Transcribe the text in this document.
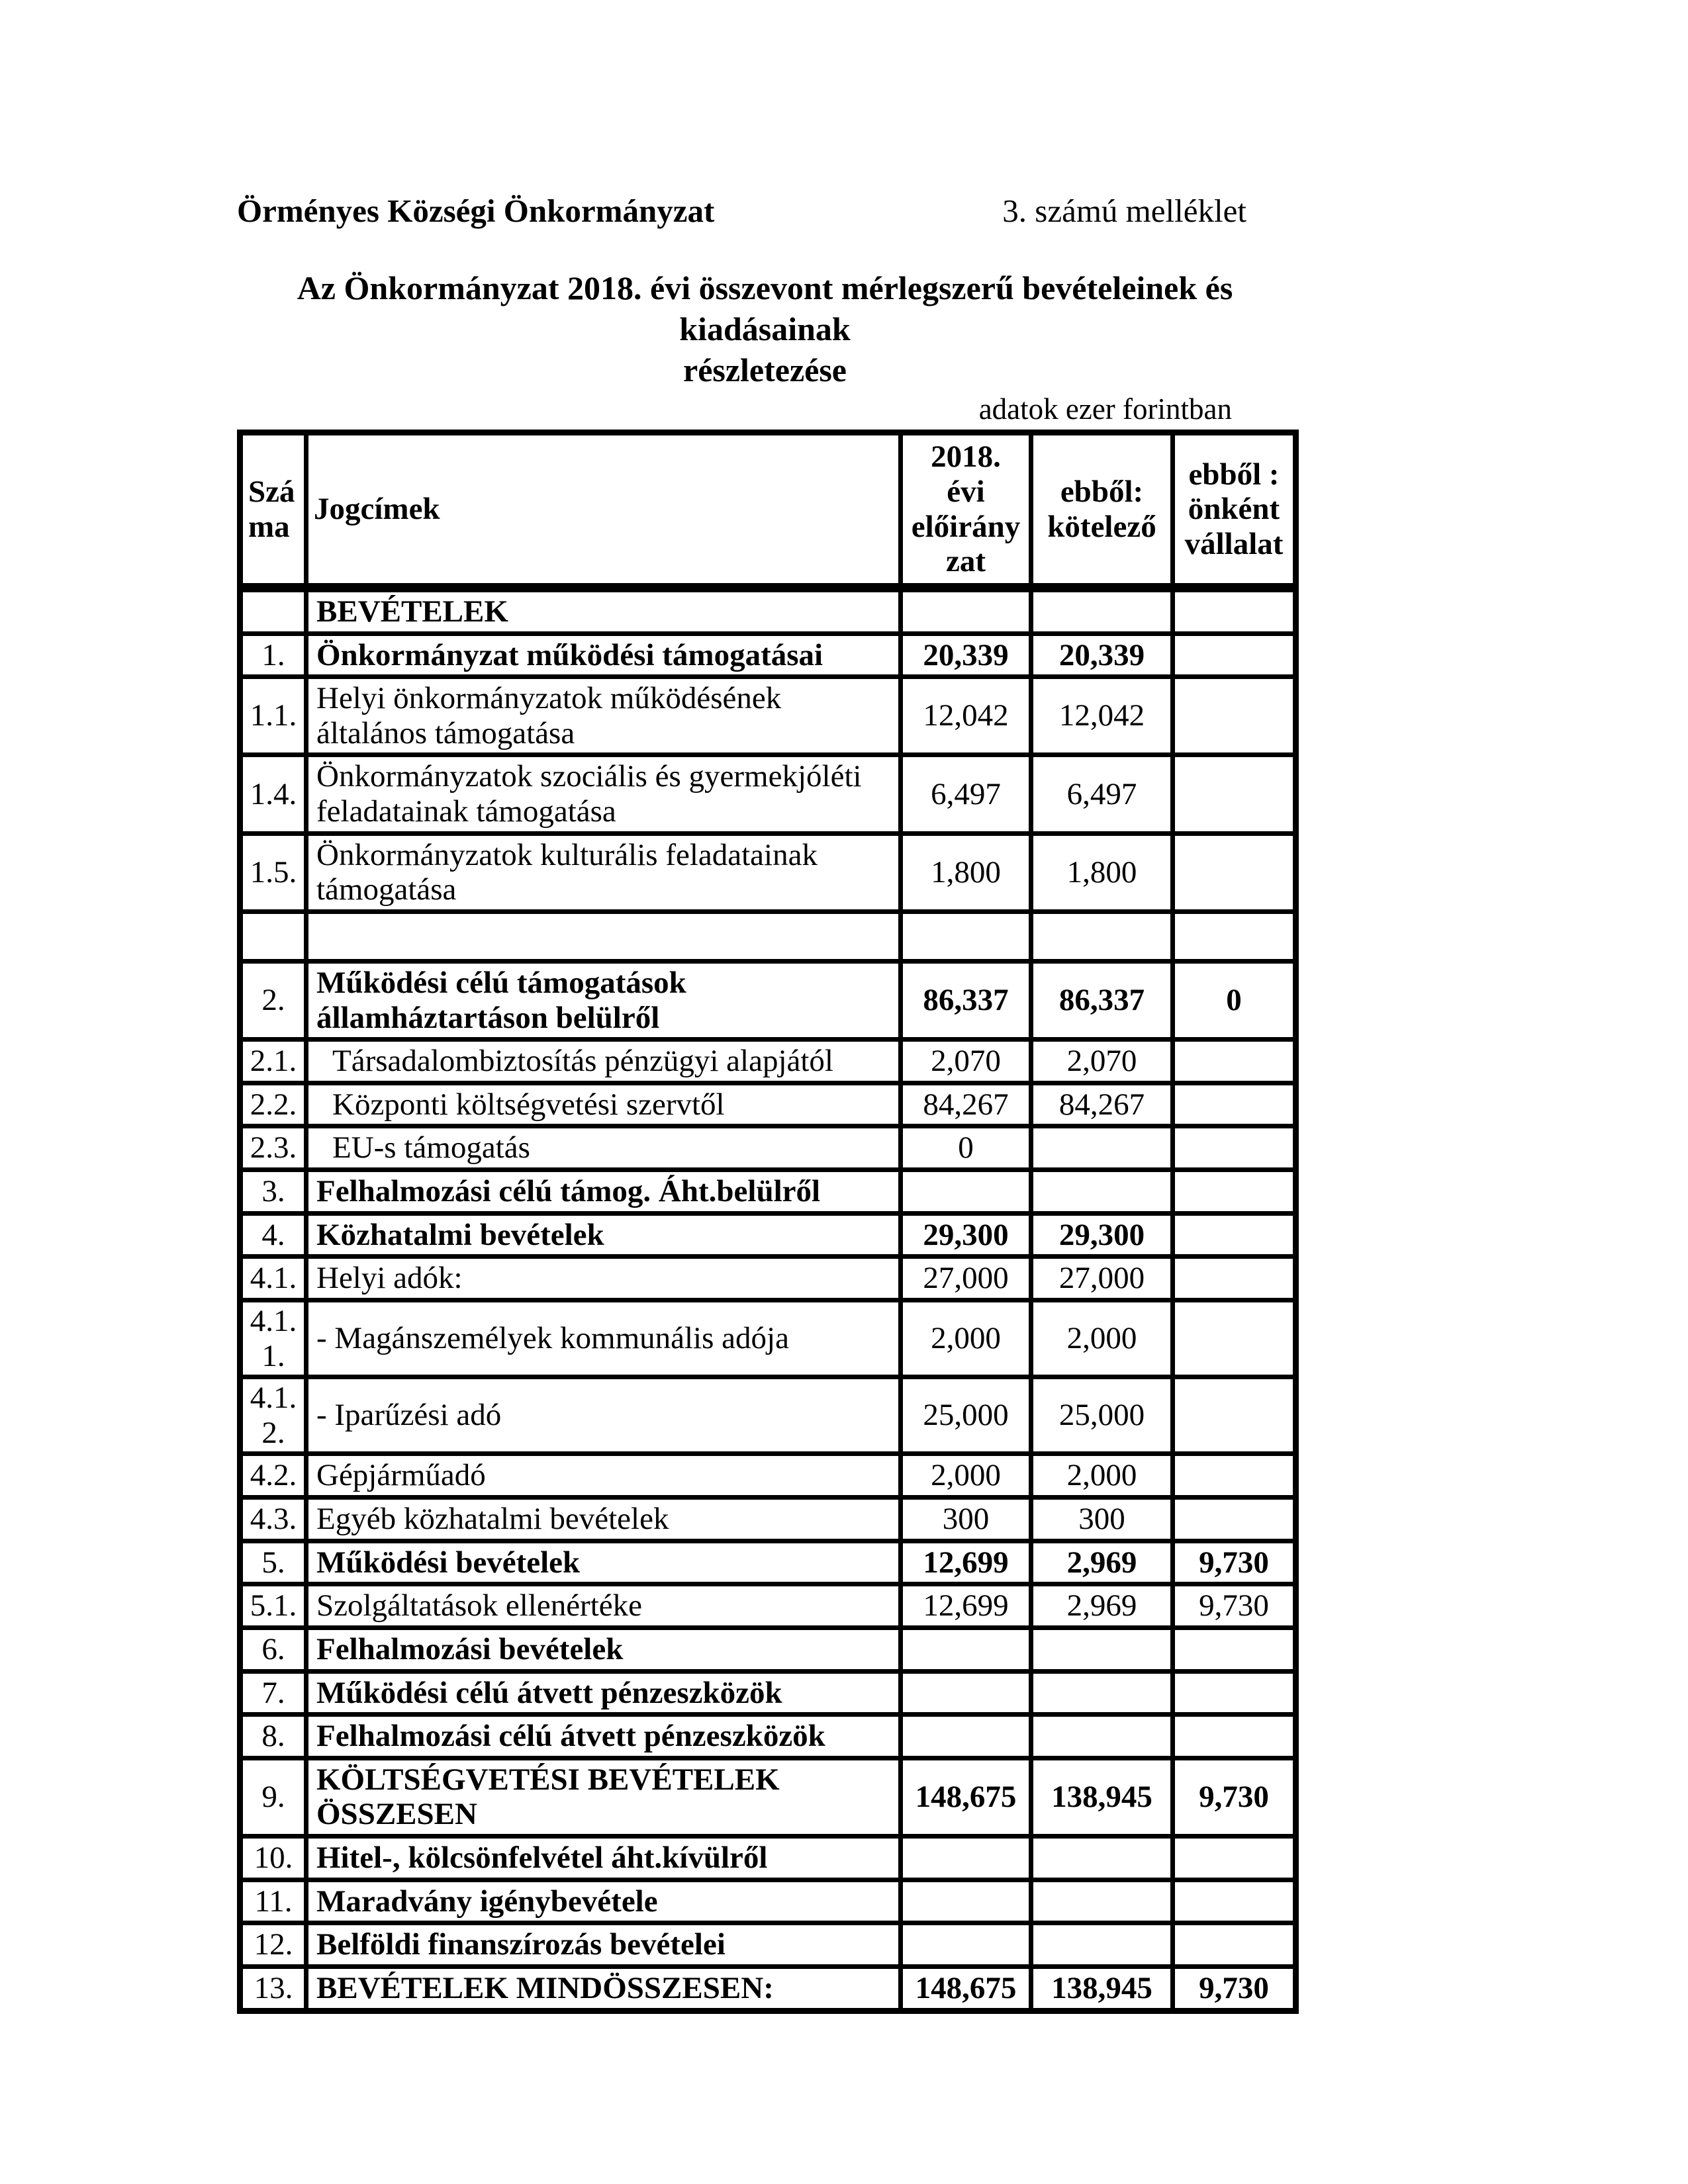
Örményes Községi Önkormányzat	3. számú melléklet
Az Önkormányzat 2018. évi összevont mérlegszerű bevételeinek és kiadásainak
részletezése
adatok ezer forintban
Száma	Jogcímek	2018. évi előirányzat	ebből: kötelező	ebből : önként vállalat
	BEVÉTELEK			
1.	Önkormányzat működési támogatásai	20,339	20,339	
1.1.	Helyi önkormányzatok működésének általános támogatása	12,042	12,042	
1.4.	Önkormányzatok szociális és gyermekjóléti feladatainak támogatása	6,497	6,497	
1.5.	Önkormányzatok kulturális feladatainak támogatása	1,800	1,800	

2.	Működési célú támogatások államháztartáson belülről	86,337	86,337	0
2.1.	Társadalombiztosítás pénzügyi alapjától	2,070	2,070	
2.2.	Központi költségvetési szervtől	84,267	84,267	
2.3.	EU-s támogatás	0		
3.	Felhalmozási célú támog. Áht.belülről			
4.	Közhatalmi bevételek	29,300	29,300	
4.1.	Helyi adók:	27,000	27,000	
4.1.1.	- Magánszemélyek kommunális adója	2,000	2,000	
4.1.2.	- Iparűzési adó	25,000	25,000	
4.2.	Gépjárműadó	2,000	2,000	
4.3.	Egyéb közhatalmi bevételek	300	300	
5.	Működési bevételek	12,699	2,969	9,730
5.1.	Szolgáltatások ellenértéke	12,699	2,969	9,730
6.	Felhalmozási bevételek			
7.	Működési célú átvett pénzeszközök			
8.	Felhalmozási célú átvett pénzeszközök			
9.	KÖLTSÉGVETÉSI BEVÉTELEK ÖSSZESEN	148,675	138,945	9,730
10.	Hitel-, kölcsönfelvétel áht.kívülről			
11.	Maradvány igénybevétele			
12.	Belföldi finanszírozás bevételei			
13.	BEVÉTELEK MINDÖSSZESEN:	148,675	138,945	9,730
